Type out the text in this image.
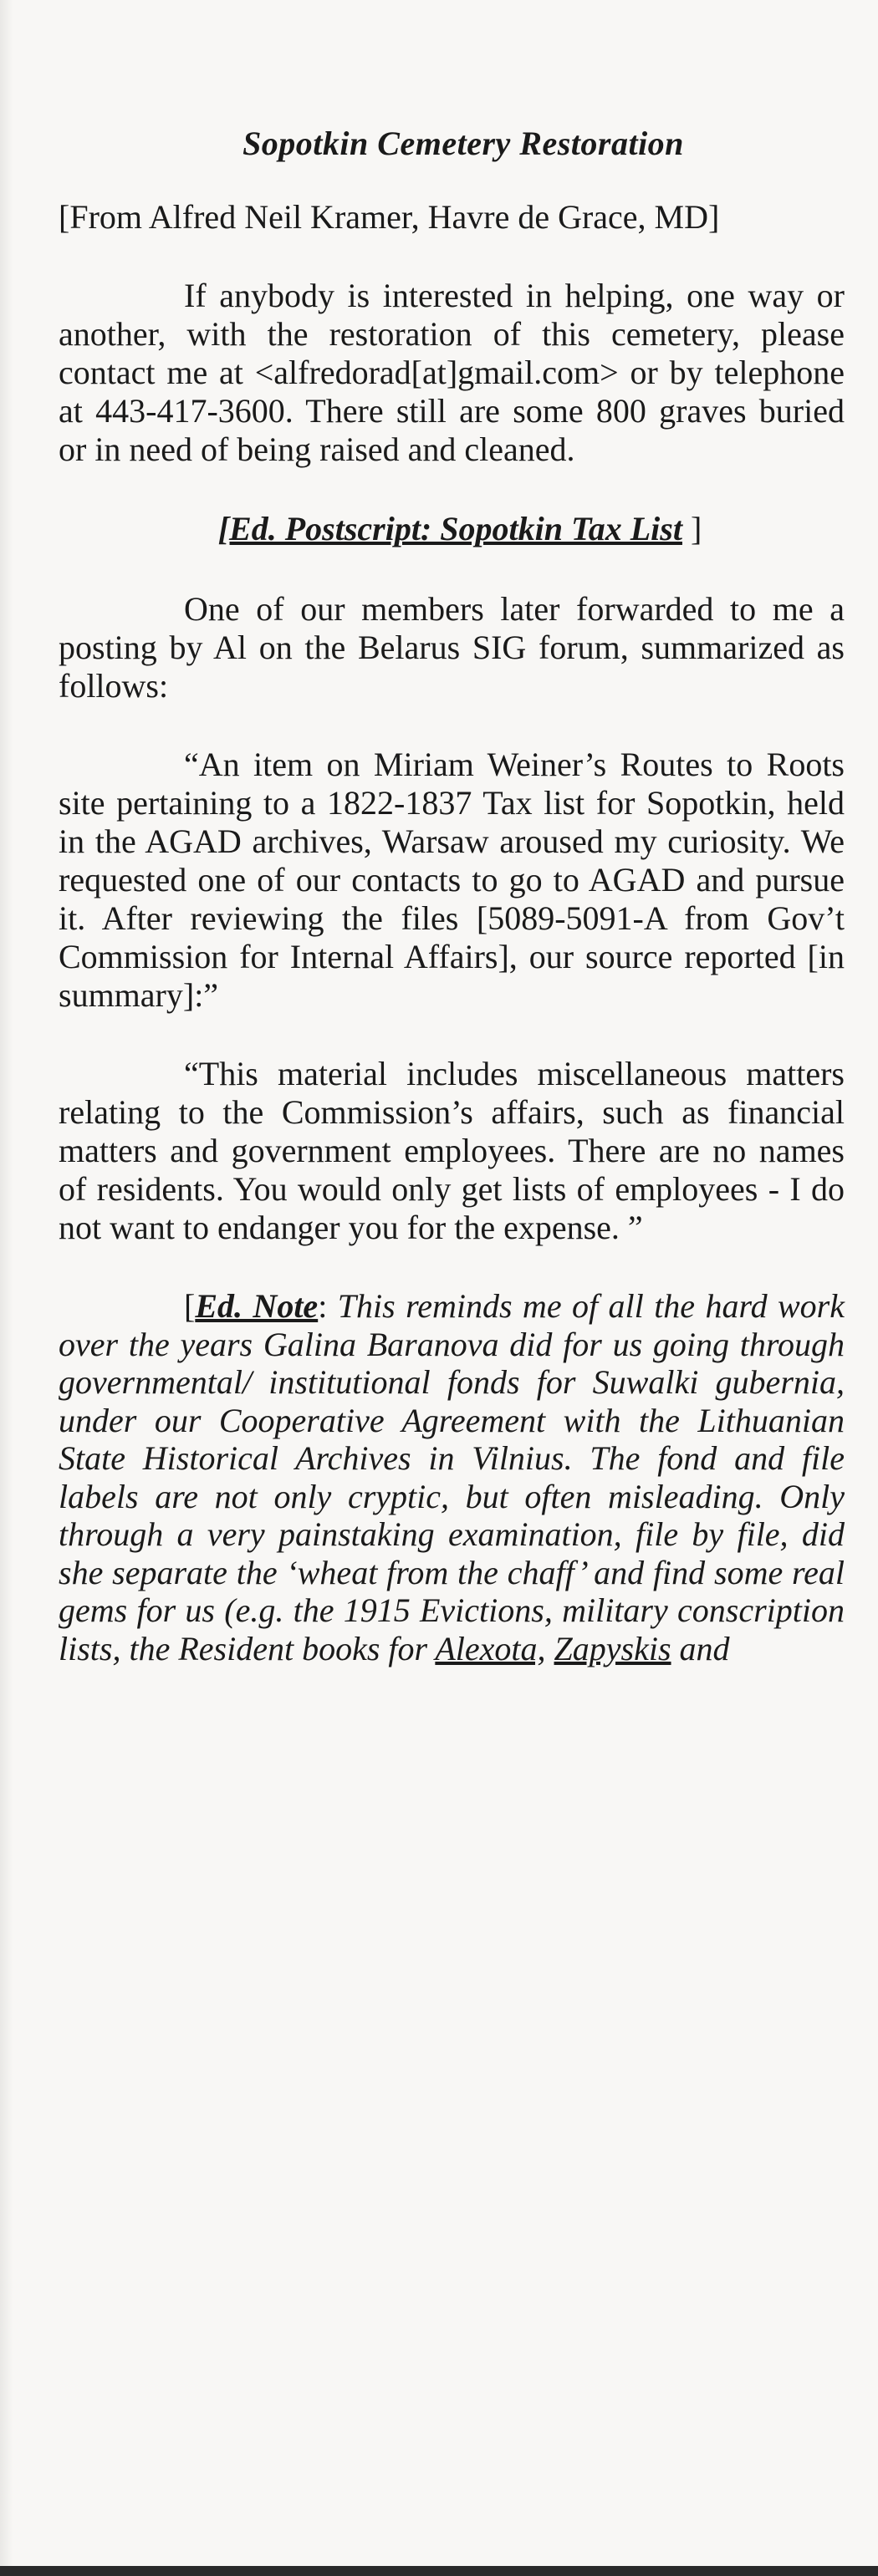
Sopotkin Cemetery Restoration

[From Alfred Neil Kramer, Havre de Grace, MD]

If anybody is interested in helping, one way or another, with the restoration of this cemetery, please contact me at <alfredorad[at]gmail.com> or by telephone at 443-417-3600. There still are some 800 graves buried or in need of being raised and cleaned.

[Ed. Postscript: Sopotkin Tax List ]

One of our members later forwarded to me a posting by Al on the Belarus SIG forum, summarized as follows:

“An item on Miriam Weiner’s Routes to Roots site pertaining to a 1822-1837 Tax list for Sopotkin, held in the AGAD archives, Warsaw aroused my curiosity. We requested one of our contacts to go to AGAD and pursue it. After reviewing the files [5089-5091-A from Gov’t Commission for Internal Affairs], our source reported [in summary]:”

“This material includes miscellaneous matters relating to the Commission’s affairs, such as financial matters and government employees. There are no names of residents. You would only get lists of employees - I do not want to endanger you for the expense. ”

[Ed. Note: This reminds me of all the hard work over the years Galina Baranova did for us going through governmental/ institutional fonds for Suwalki gubernia, under our Cooperative Agreement with the Lithuanian State Historical Archives in Vilnius. The fond and file labels are not only cryptic, but often misleading. Only through a very painstaking examination, file by file, did she separate the ‘wheat from the chaff’ and find some real gems for us (e.g. the 1915 Evictions, military conscription lists, the Resident books for Alexota, Zapyskis and
